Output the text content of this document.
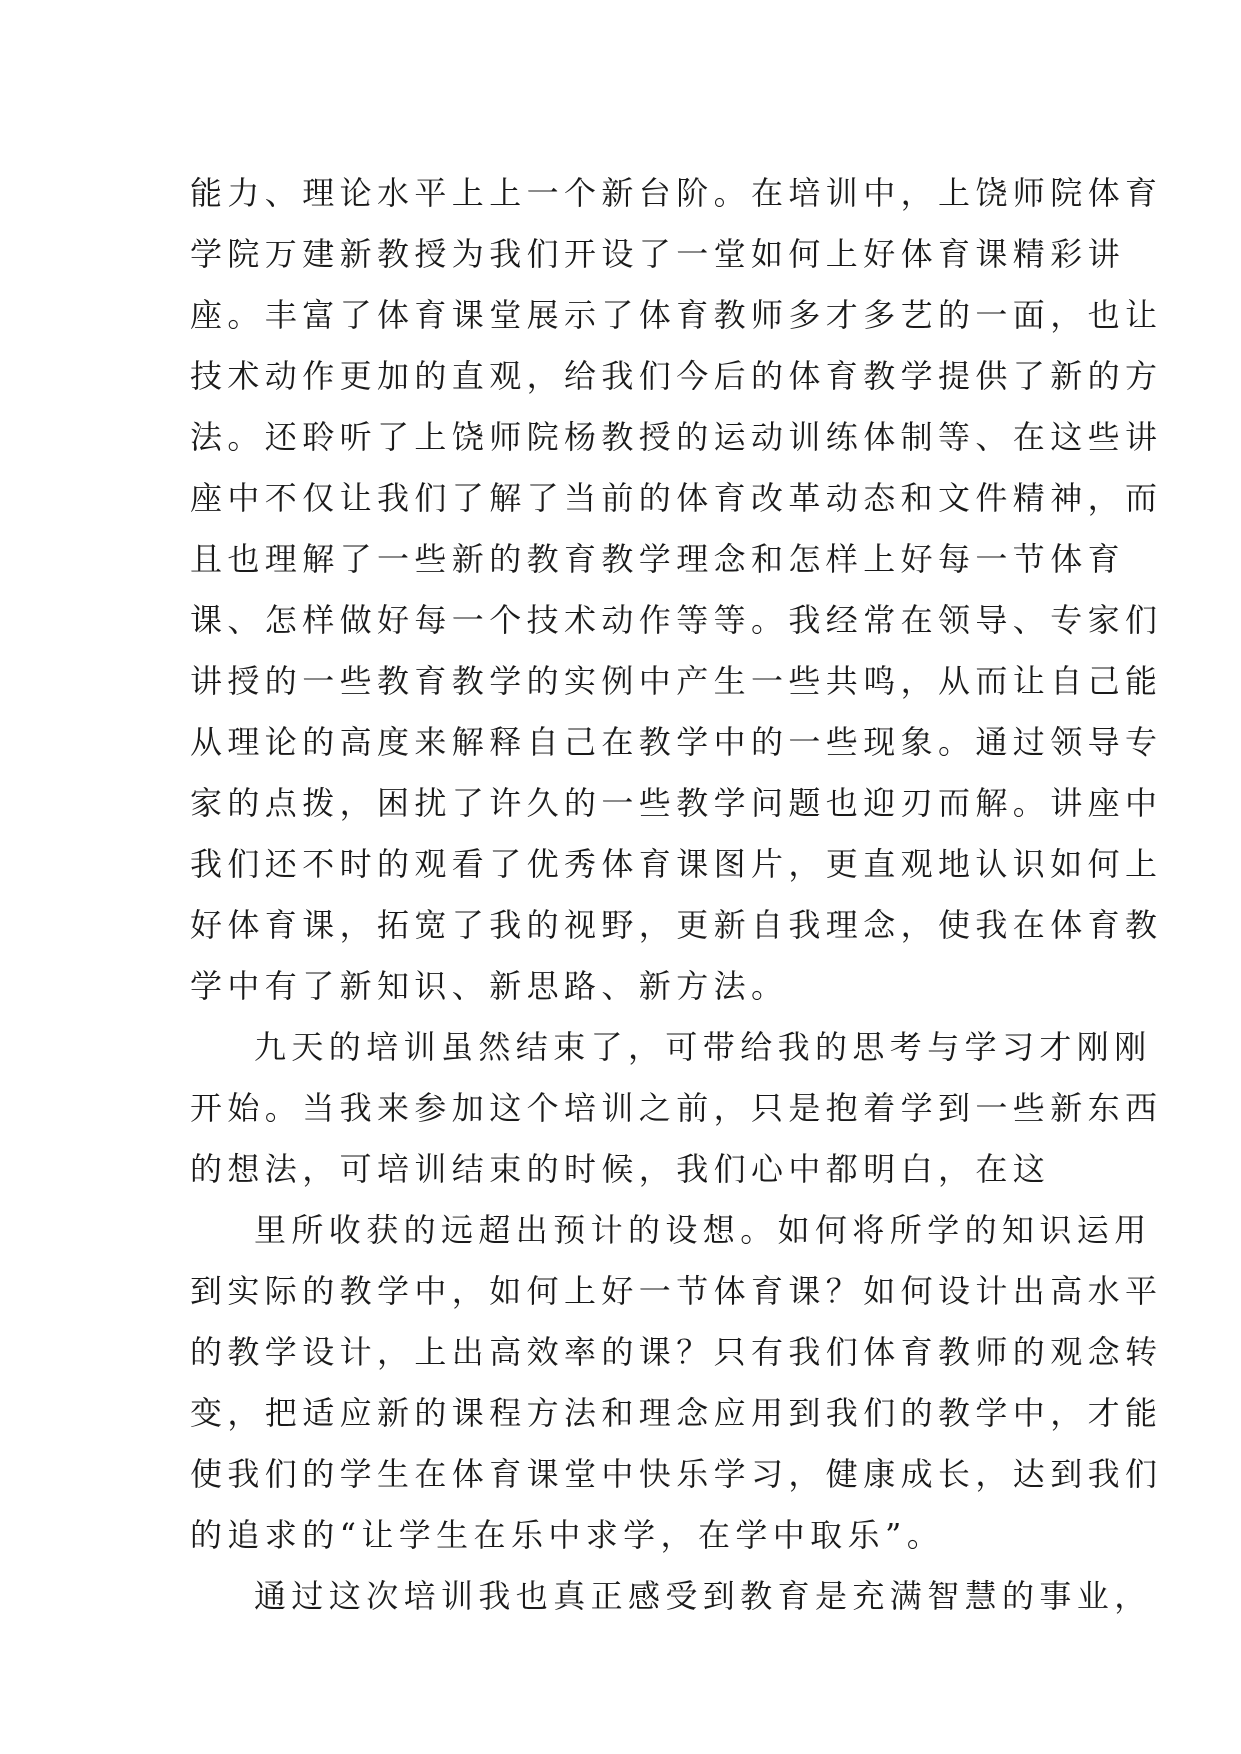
能力、理论水平上上一个新台阶。在培训中，上饶师院体育
学院万建新教授为我们开设了一堂如何上好体育课精彩讲
座。丰富了体育课堂展示了体育教师多才多艺的一面，也让
技术动作更加的直观，给我们今后的体育教学提供了新的方
法。还聆听了上饶师院杨教授的运动训练体制等、在这些讲
座中不仅让我们了解了当前的体育改革动态和文件精神，而
且也理解了一些新的教育教学理念和怎样上好每一节体育
课、怎样做好每一个技术动作等等。我经常在领导、专家们
讲授的一些教育教学的实例中产生一些共鸣，从而让自己能
从理论的高度来解释自己在教学中的一些现象。通过领导专
家的点拨，困扰了许久的一些教学问题也迎刃而解。讲座中
我们还不时的观看了优秀体育课图片，更直观地认识如何上
好体育课，拓宽了我的视野，更新自我理念，使我在体育教
学中有了新知识、新思路、新方法。
九天的培训虽然结束了，可带给我的思考与学习才刚刚
开始。当我来参加这个培训之前，只是抱着学到一些新东西
的想法，可培训结束的时候，我们心中都明白，在这
里所收获的远超出预计的设想。如何将所学的知识运用
到实际的教学中，如何上好一节体育课？如何设计出高水平
的教学设计，上出高效率的课？只有我们体育教师的观念转
变，把适应新的课程方法和理念应用到我们的教学中，才能
使我们的学生在体育课堂中快乐学习，健康成长，达到我们
的追求的“让学生在乐中求学，在学中取乐”。
通过这次培训我也真正感受到教育是充满智慧的事业，
